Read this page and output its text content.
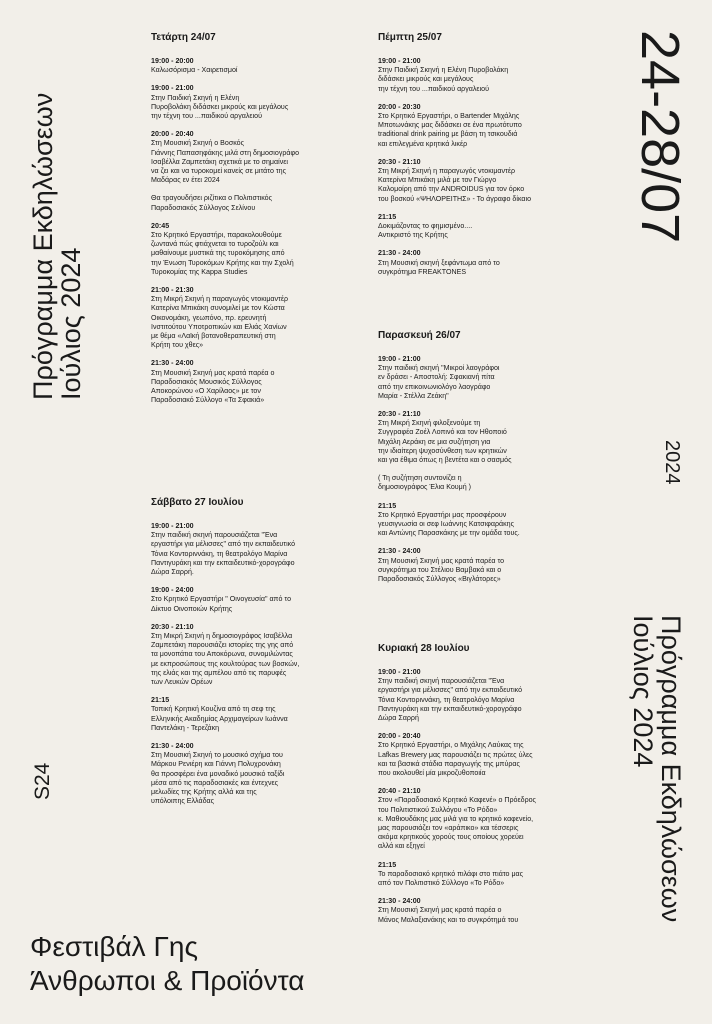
Πρόγραμμα Εκδηλώσεων
Ιούλιος 2024
S24
24-28/07
2024
Πρόγραμμα Εκδηλώσεων
Ιούλιος 2024
Φεστιβάλ Γης
Άνθρωποι & Προϊόντα
Τετάρτη 24/07
19:00 - 20:00
Καλωσόρισμα - Χαιρετισμοί
19:00 - 21:00
Στην Παιδική Σκηνή η Ελένη
Πυροβολάκη διδάσκει μικρούς και μεγάλους
την τέχνη του ...παιδικού αργαλειού
20:00 - 20:40
Στη Μουσική Σκηνή ο Βοσκός
Γιάννης Παπασηφάκης μιλά στη δημοσιογράφο
Ισαβέλλα Ζαμπετάκη σχετικά με το σημαίνει
να ζει και να τυροκομεί κανείς σε μιτάτο της
Μαδάρας εν έτει 2024
Θα τραγουδήσει ριζίτικα ο Πολιτιστικός
Παραδοσιακός Σύλλογος Σελίνου
20:45
Στο Κρητικό Εργαστήρι, παρακολουθούμε
ζωντανά πώς φτιάχνεται το τυροζούλι και
μαθαίνουμε μυστικά της τυροκόμησης από
την Ένωση Τυροκόμων Κρήτης και την Σχολή
Τυροκομίας της Kappa Studies
21:00 - 21:30
Στη Μικρή Σκηνή η παραγωγός ντοκιμαντέρ
Κατερίνα Μπικάκη συνομιλεί με τον Κώστα
Οικονομάκη, γεωπόνο, πρ. ερευνητή
Ινστιτούτου Υποτροπικών και Ελιάς Χανίων
με θέμα «Λαϊκή βοτανοθεραπευτική στη
Κρήτη του χθες»
21:30 - 24:00
Στη Μουσική Σκηνή μας κρατά παρέα ο
Παραδοσιακός Μουσικός Σύλλογος
Αποκορώνου «Ο Χαρίλαος» με τον
Παραδοσιακό Σύλλογο «Τα Σφακιά»
Σάββατο 27 Ιουλίου
19:00 - 21:00
Στην παιδική σκηνή παρουσιάζεται "Ένα
εργαστήρι για μέλισσες" από την εκπαιδευτικό
Τόνια Κοντοριννάκη, τη θεατρολόγο Μαρίνα
Παντιγυράκη και την εκπαιδευτικό-χορογράφο
Δώρα Σαρρή.
19:00 - 24:00
Στο Κρητικό Εργαστήρι " Οινογευσία" από το
Δίκτυο Οινοποιών Κρήτης
20:30 - 21:10
Στη Μικρή Σκηνή η δημοσιογράφος Ισαβέλλα
Ζαμπετάκη παρουσιάζει ιστορίες της γης από
τα μονοπάτια του Αποκόρωνα, συνομιλώντας
με εκπροσώπους της κουλτούρας των βοσκών,
της ελιάς και της αμπέλου από τις παρυφές
των Λευκών Ορέων
21:15
Τοπική Κρητική Κουζίνα από τη σεφ της
Ελληνικής Ακαδημίας Αρχιμαγείρων Ιωάννα
Παντελάκη - Τερεζάκη
21:30 - 24:00
Στη Μουσική Σκηνή το μουσικό σχήμα του
Μάρκου Ρενιέρη και Γιάννη Πολυχρονάκη
θα προσφέρει ένα μοναδικό μουσικό ταξίδι
μέσα από τις παραδοσιακές και έντεχνες
μελωδίες της Κρήτης αλλά και της
υπόλοιπης Ελλάδας
Πέμπτη 25/07
19:00 - 21:00
Στην Παιδική Σκηνή η Ελένη Πυροβολάκη
διδάσκει μικρούς και μεγάλους
την τέχνη του ...παιδικού αργαλειού
20:00 - 20:30
Στο Κρητικό Εργαστήρι, ο Bartender Μιχάλης
Μποτωνάκης μας διδάσκει σε ένα πρωτότυπο
traditional drink pairing με βάση τη τσικουδιά
και επιλεγμένα κρητικά λικέρ
20:30 - 21:10
Στη Μικρή Σκηνή η παραγωγός ντοκιμαντέρ
Κατερίνα Μπικάκη μιλά με τον Γιώργο
Καλομοίρη από την ANDROIDUS για τον όρκο
του βοσκού «ΨΗΛΟΡΕΙΤΗΣ» - Το άγραφο δίκαιο
21:15
Δοκιμάζοντας το φημισμένο....
Αντικριστό της Κρήτης
21:30 - 24:00
Στη Μουσική σκηνή ξεφάντωμα από το
συγκρότημα FREAKTONES
Παρασκευή 26/07
19:00 - 21:00
Στην παιδική σκηνή "Μικροί λαογράφοι
εν δράσει - Αποστολή: Σφακιανή πίτα
από την επικοινωνιολόγο λαογράφο
Μαρία - Στέλλα Ζεάκη"
20:30 - 21:10
Στη Μικρή Σκηνή φιλοξενούμε τη
Συγγραφέα Ζοέλ Λοπινό και τον Ηθοποιό
Μιχάλη Αεράκη σε μια συζήτηση για
την ιδιαίτερη ψυχοσύνθεση των κρητικών
και για έθιμα όπως η βεντέτα και ο σασμός
( Τη συζήτηση συντονίζει η
δημοσιογράφος Έλια Κουμή )
21:15
Στο Κρητικό Εργαστήρι μας προσφέρουν
γευσιγνωσία οι σεφ Ιωάννης Κατσιφαράκης
και Αντώνης Παρασκάκης με την ομάδα τους.
21:30 - 24:00
Στη Μουσική Σκηνή μας κρατά παρέα το
συγκρότημα του Στέλιου Βαμβακά και ο
Παραδοσιακός Σύλλογος «Βιγλάτορες»
Κυριακή 28 Ιουλίου
19:00 - 21:00
Στην παιδική σκηνή παρουσιάζεται "Ένα
εργαστήρι για μέλισσες" από την εκπαιδευτικό
Τόνια Κοντοριννάκη, τη θεατρολόγο Μαρίνα
Παντιγυράκη και την εκπαιδευτικό-χορογράφο
Δώρα Σαρρή
20:00 - 20:40
Στο Κρητικό Εργαστήρι, ο Μιχάλης Λαύκας της
Lafkas Brewery μας παρουσιάζει τις πρώτες ύλες
και τα βασικά στάδια παραγωγής της μπύρας
που ακολουθεί μία μικροζυθοποιία
20:40 - 21:10
Στον «Παραδοσιακό Κρητικό Καφενέ» ο Πρόεδρος
του Πολιτιστικού Συλλόγου «Το Ρόδο»
κ. Μαθιουδάκης μας μιλά για το κρητικό καφενείο,
μας παρουσιάζει τον «αράπικο» και τέσσερις
ακόμα κρητικούς χορούς τους οποίους χορεύει
αλλά και εξηγεί
21:15
Το παραδοσιακό κρητικό πιλάφι στο πιάτο μας
από τον Πολιτιστικό Σύλλογο «Το Ρόδο»
21:30 - 24:00
Στη Μουσική Σκηνή μας κρατά παρέα ο
Μάνος Μαλαξιανάκης και το συγκρότημά του
